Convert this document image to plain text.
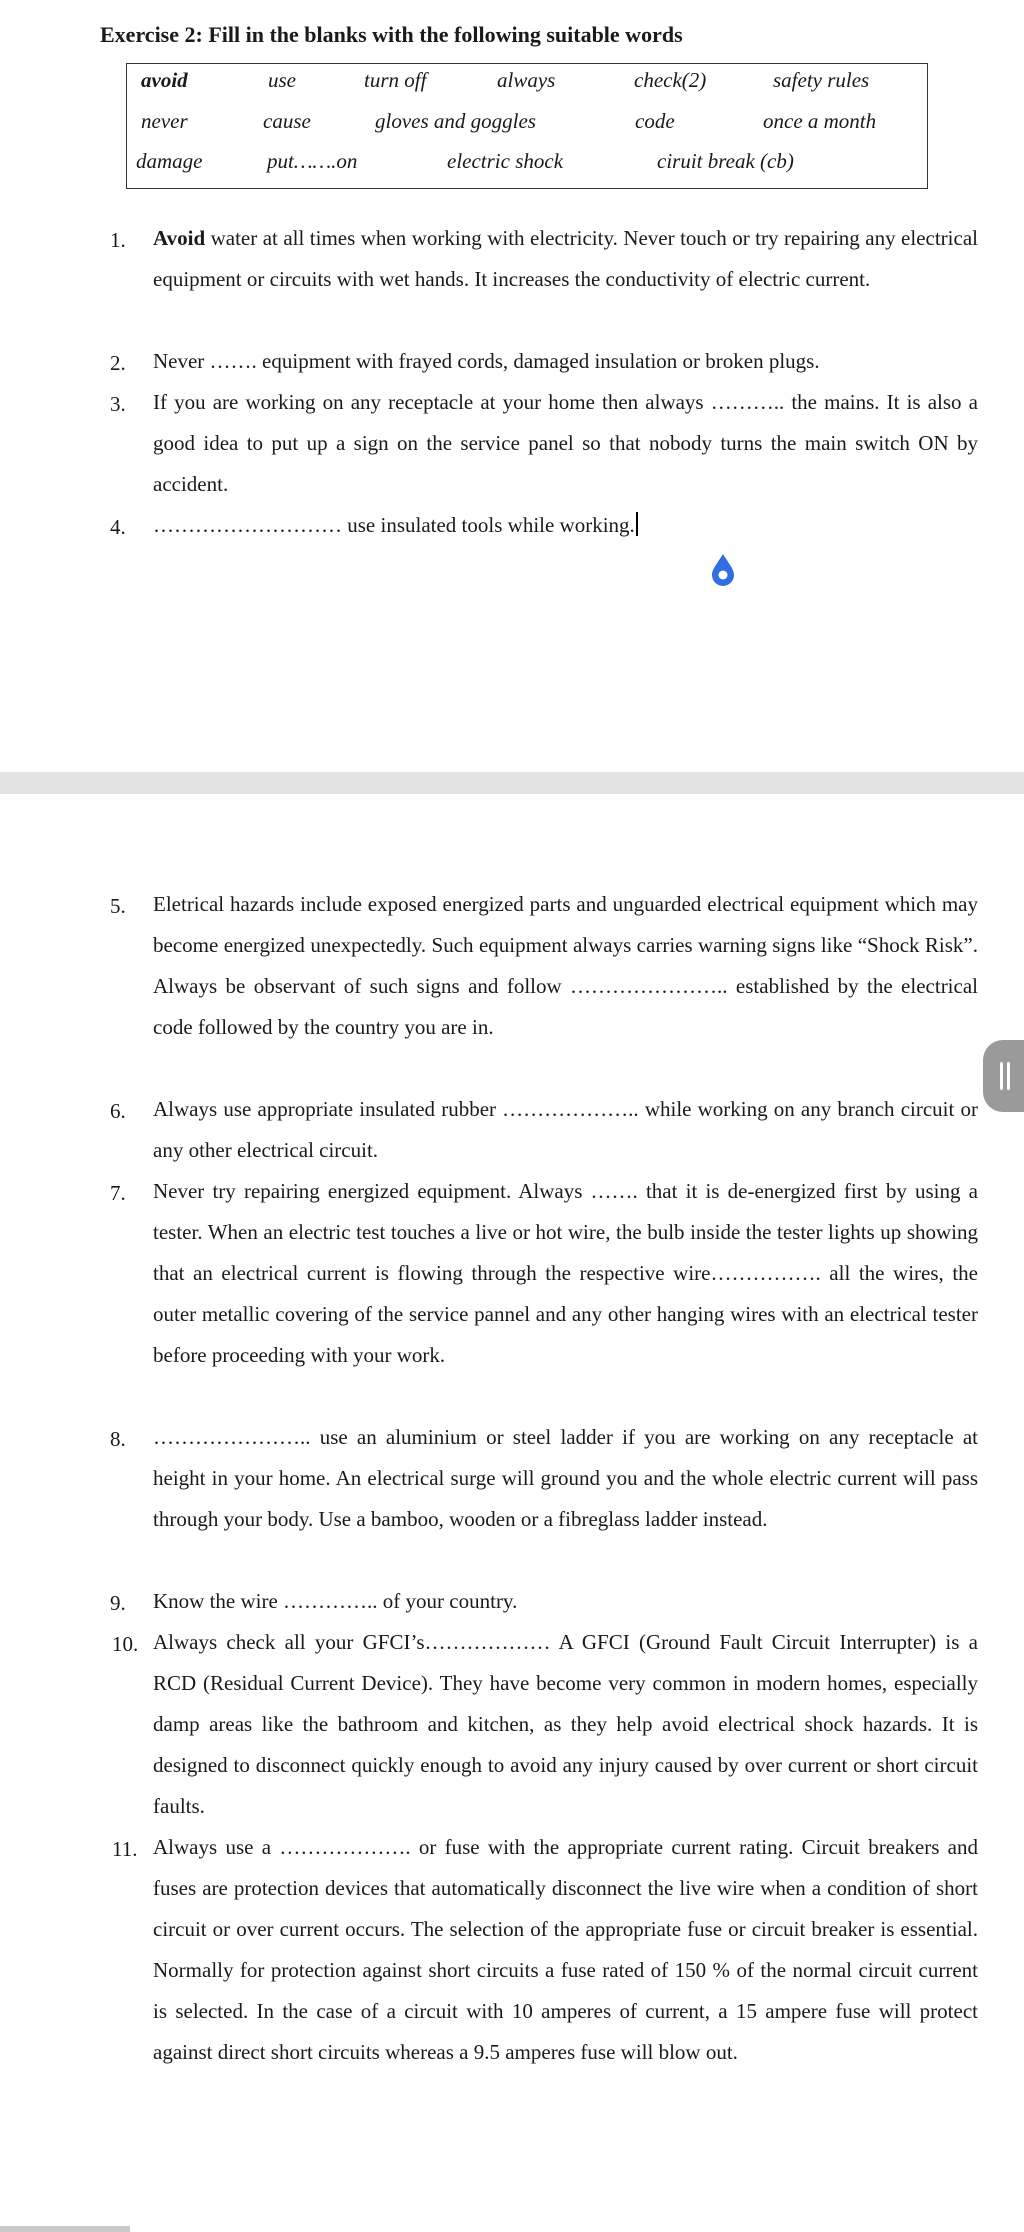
Exercise 2: Fill in the blanks with the following suitable words
avoid	use	turn off	always	check(2)	safety rules
never	cause	gloves and goggles	code	once a month
damage	put…….on	electric shock	ciruit break (cb)
1.	Avoid water at all times when working with electricity. Never touch or try repairing any electrical equipment or circuits with wet hands. It increases the conductivity of electric current.
2.	Never ……. equipment with frayed cords, damaged insulation or broken plugs.
3.	If you are working on any receptacle at your home then always ……….. the mains. It is also a good idea to put up a sign on the service panel so that nobody turns the main switch ON by accident.
4.	……………………… use insulated tools while working.
5.	Eletrical hazards include exposed energized parts and unguarded electrical equipment which may become energized unexpectedly. Such equipment always carries warning signs like “Shock Risk”. Always be observant of such signs and follow ………………….. established by the electrical code followed by the country you are in.
6.	Always use appropriate insulated rubber ……………….. while working on any branch circuit or any other electrical circuit.
7.	Never try repairing energized equipment. Always ……. that it is de-energized first by using a tester. When an electric test touches a live or hot wire, the bulb inside the tester lights up showing that an electrical current is flowing through the respective wire……………. all the wires, the outer metallic covering of the service pannel and any other hanging wires with an electrical tester before proceeding with your work.
8.	………………….. use an aluminium or steel ladder if you are working on any receptacle at height in your home. An electrical surge will ground you and the whole electric current will pass through your body. Use a bamboo, wooden or a fibreglass ladder instead.
9.	Know the wire ………….. of your country.
10. Always check all your GFCI’s……………… A GFCI (Ground Fault Circuit Interrupter) is a RCD (Residual Current Device). They have become very common in modern homes, especially damp areas like the bathroom and kitchen, as they help avoid electrical shock hazards. It is designed to disconnect quickly enough to avoid any injury caused by over current or short circuit faults.
11. Always use a ………………. or fuse with the appropriate current rating. Circuit breakers and fuses are protection devices that automatically disconnect the live wire when a condition of short circuit or over current occurs. The selection of the appropriate fuse or circuit breaker is essential. Normally for protection against short circuits a fuse rated of 150 % of the normal circuit current is selected. In the case of a circuit with 10 amperes of current, a 15 ampere fuse will protect against direct short circuits whereas a 9.5 amperes fuse will blow out.
